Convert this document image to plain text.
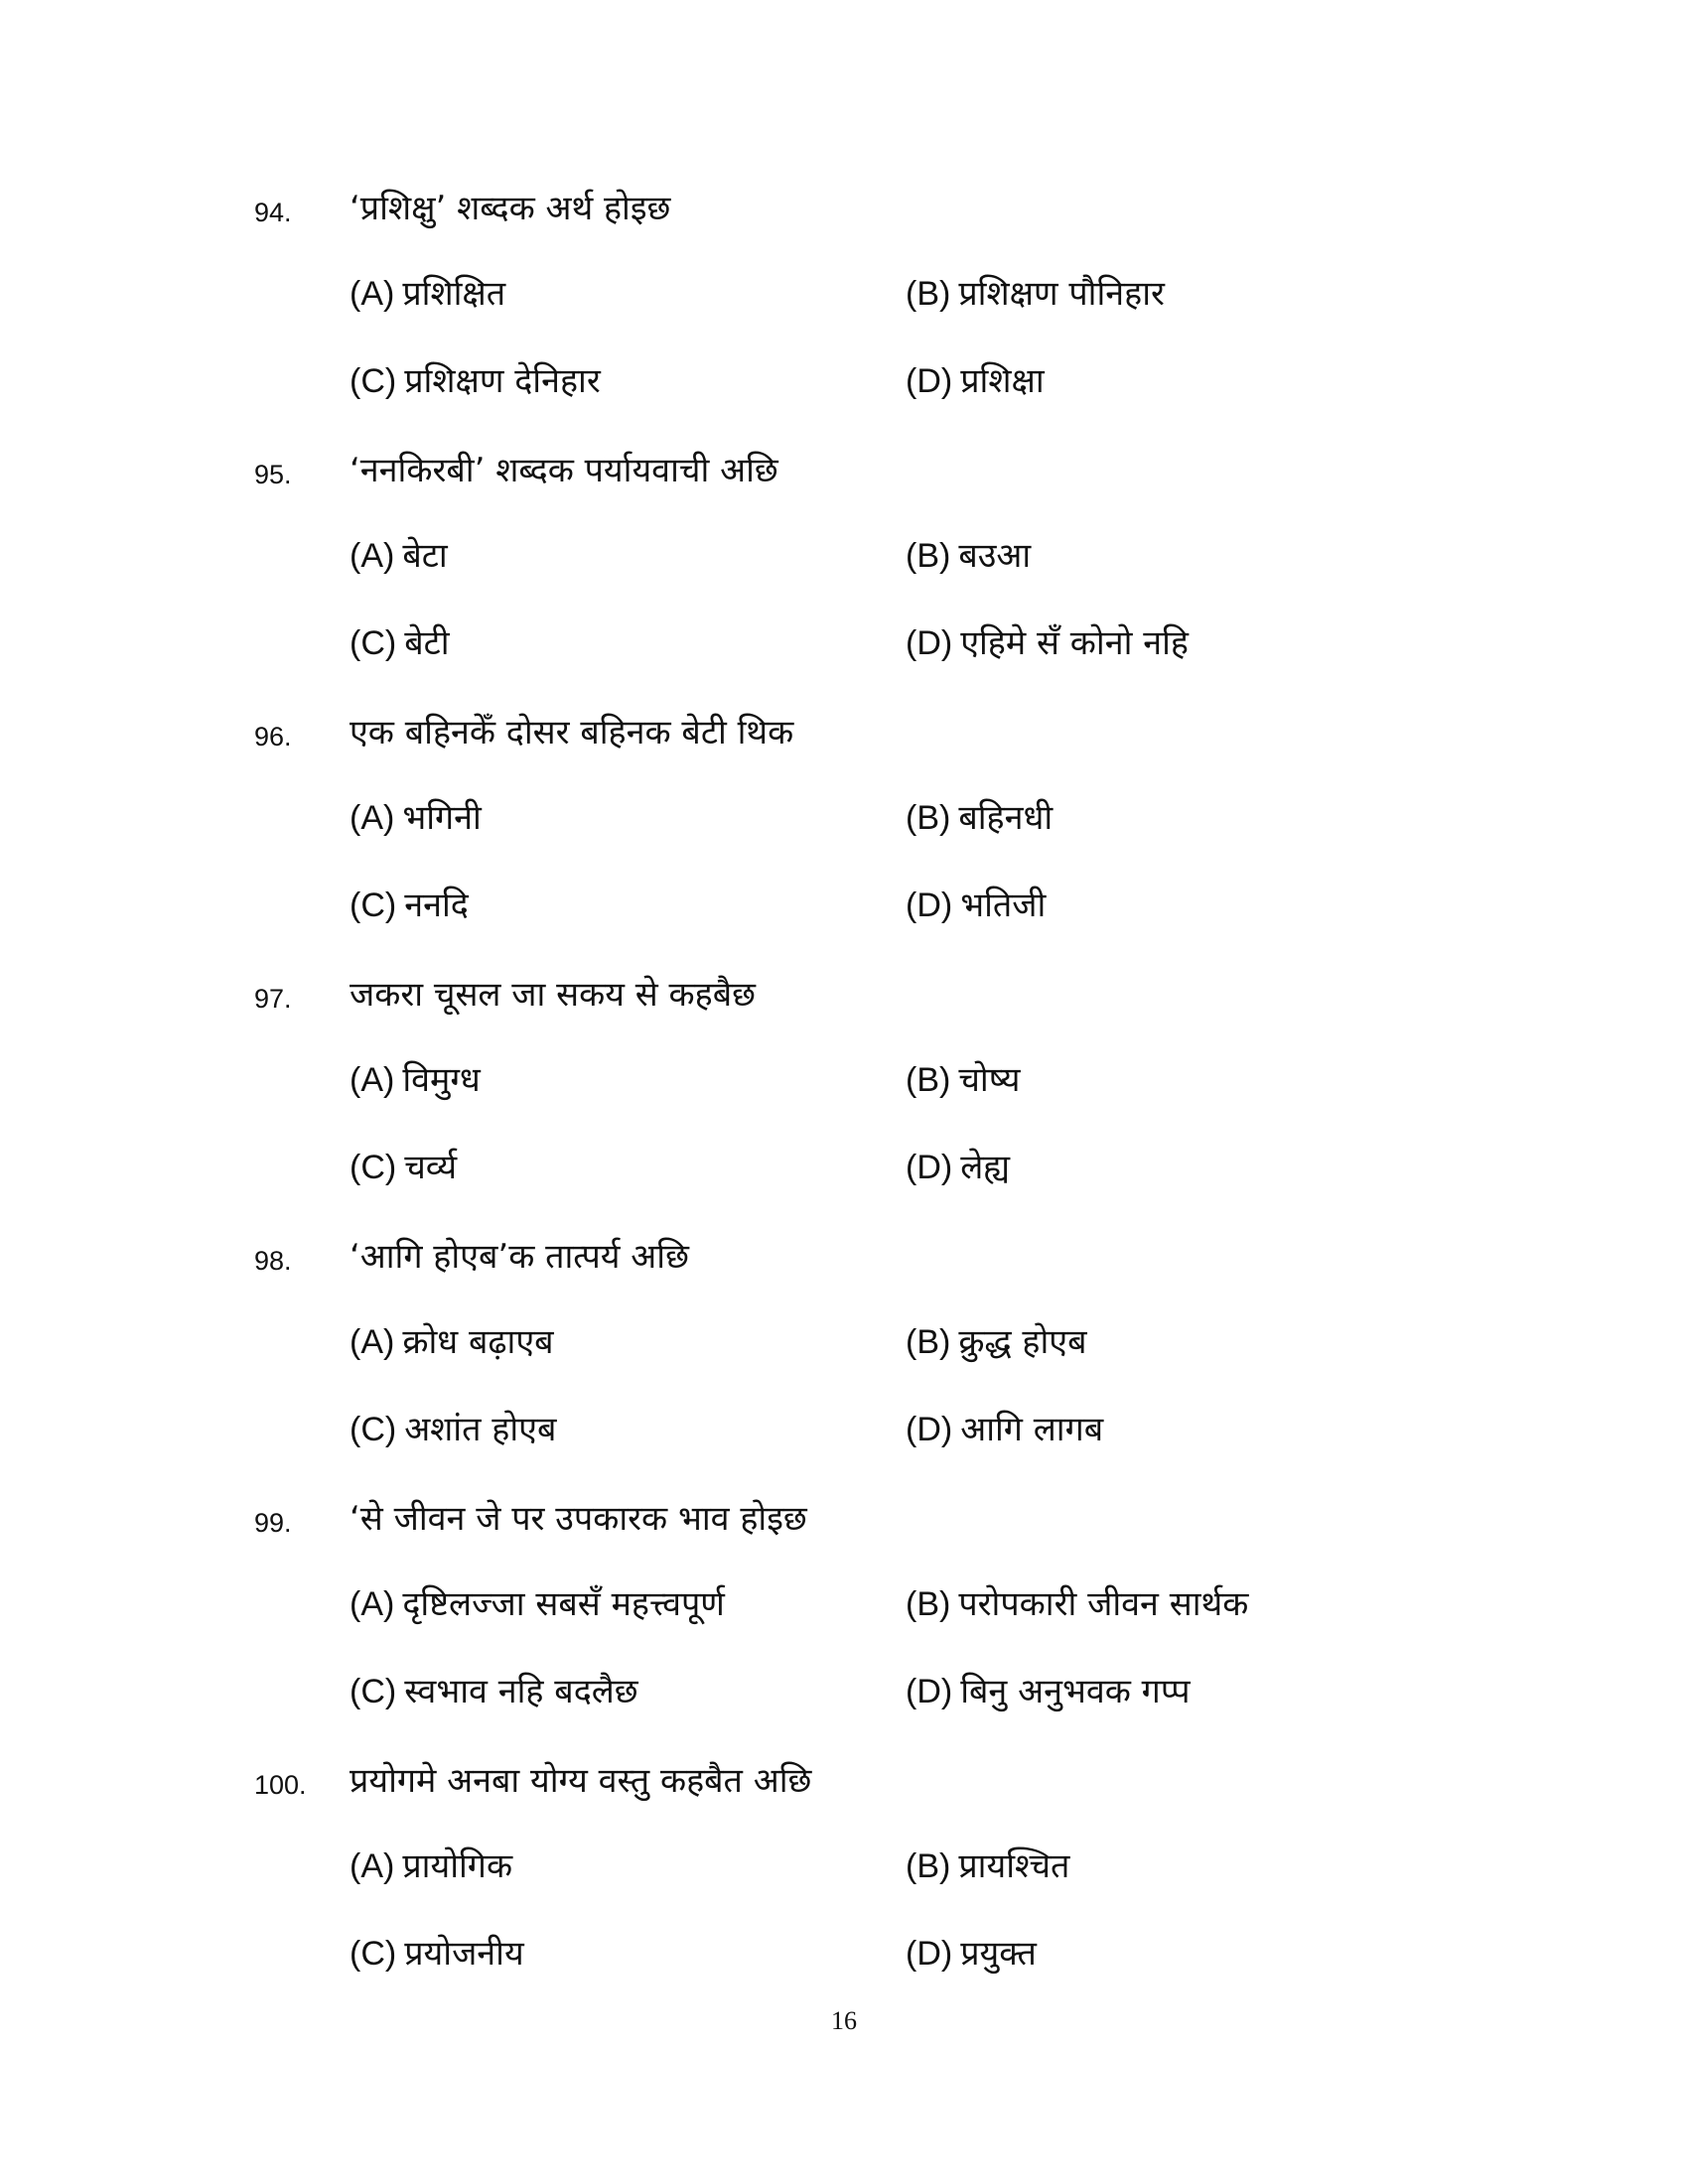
94. ‘प्रशिक्षु’ शब्दक अर्थ होइछ
(A) प्रशिक्षित	(B) प्रशिक्षण पौनिहार
(C) प्रशिक्षण देनिहार	(D) प्रशिक्षा
95. ‘ननकिरबी’ शब्दक पर्यायवाची अछि
(A) बेटा	(B) बउआ
(C) बेटी	(D) एहिमे सँ कोनो नहि
96. एक बहिनकेँ दोसर बहिनक बेटी थिक
(A) भगिनी	(B) बहिनधी
(C) ननदि	(D) भतिजी
97. जकरा चूसल जा सकय से कहबैछ
(A) विमुग्ध	(B) चोष्य
(C) चर्व्य	(D) लेह्य
98. ‘आगि होएब’क तात्पर्य अछि
(A) क्रोध बढ़ाएब	(B) क्रुद्ध होएब
(C) अशांत होएब	(D) आगि लागब
99. ‘से जीवन जे पर उपकारक भाव होइछ
(A) दृष्टिलज्जा सबसँ महत्त्वपूर्ण	(B) परोपकारी जीवन सार्थक
(C) स्वभाव नहि बदलैछ	(D) बिनु अनुभवक गप्प
100. प्रयोगमे अनबा योग्य वस्तु कहबैत अछि
(A) प्रायोगिक	(B) प्रायश्चित
(C) प्रयोजनीय	(D) प्रयुक्त
16
